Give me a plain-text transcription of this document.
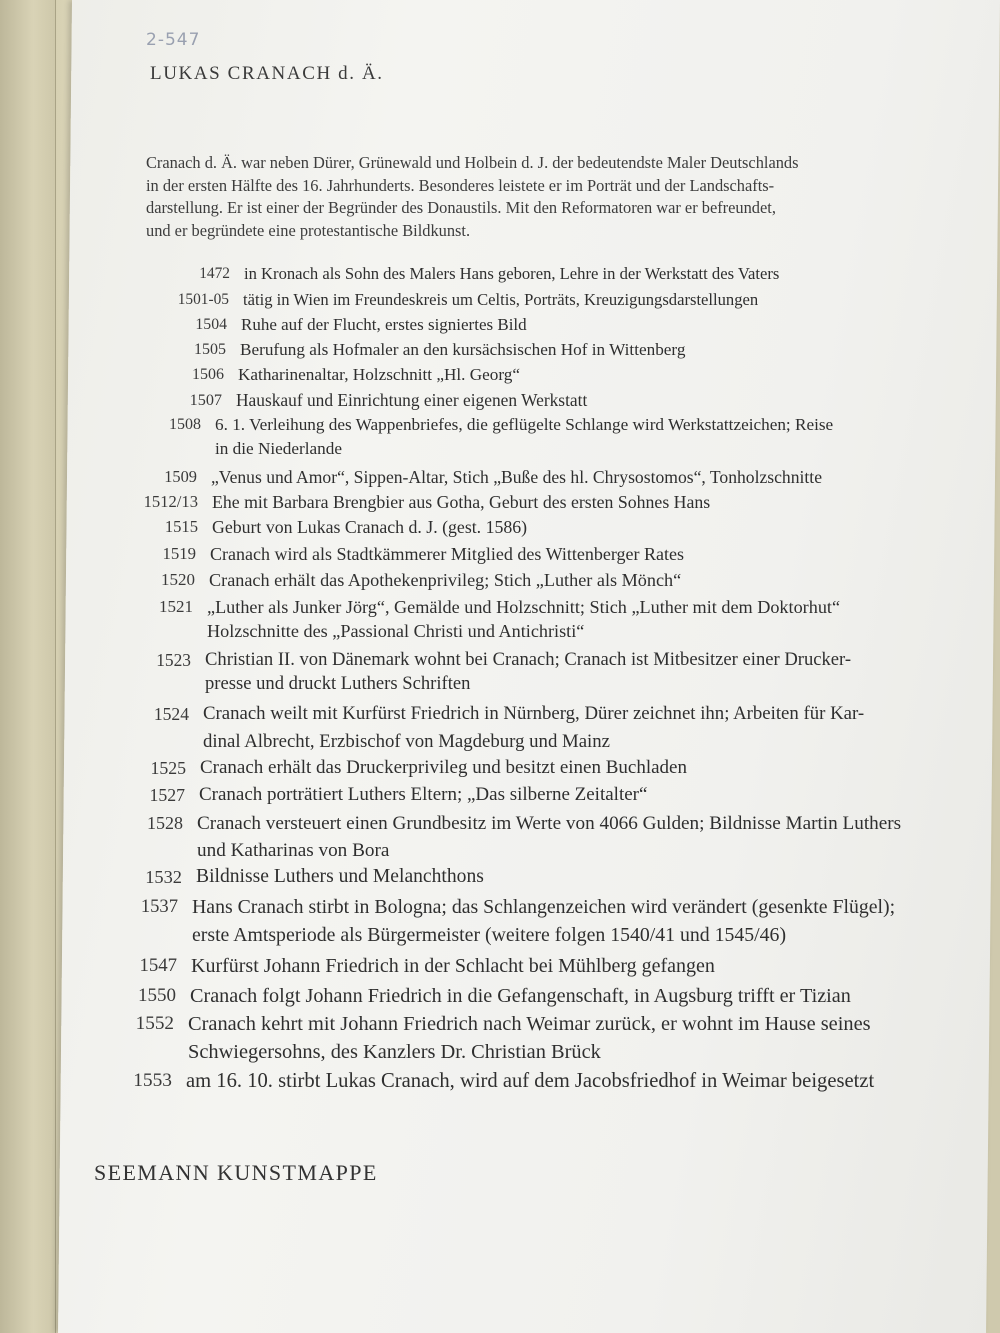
2-547
LUKAS CRANACH d. Ä.
Cranach d. Ä. war neben Dürer, Grünewald und Holbein d. J. der bedeutendste Maler Deutschlands
in der ersten Hälfte des 16. Jahrhunderts. Besonderes leistete er im Porträt und der Landschafts-
darstellung. Er ist einer der Begründer des Donaustils. Mit den Reformatoren war er befreundet,
und er begründete eine protestantische Bildkunst.
1472 in Kronach als Sohn des Malers Hans geboren, Lehre in der Werkstatt des Vaters
1501-05 tätig in Wien im Freundeskreis um Celtis, Porträts, Kreuzigungsdarstellungen
1504 Ruhe auf der Flucht, erstes signiertes Bild
1505 Berufung als Hofmaler an den kursächsischen Hof in Wittenberg
1506 Katharinenaltar, Holzschnitt „Hl. Georg“
1507 Hauskauf und Einrichtung einer eigenen Werkstatt
1508 6. 1. Verleihung des Wappenbriefes, die geflügelte Schlange wird Werkstattzeichen; Reise
in die Niederlande
1509 „Venus und Amor“, Sippen-Altar, Stich „Buße des hl. Chrysostomos“, Tonholzschnitte
1512/13 Ehe mit Barbara Brengbier aus Gotha, Geburt des ersten Sohnes Hans
1515 Geburt von Lukas Cranach d. J. (gest. 1586)
1519 Cranach wird als Stadtkämmerer Mitglied des Wittenberger Rates
1520 Cranach erhält das Apothekenprivileg; Stich „Luther als Mönch“
1521 „Luther als Junker Jörg“, Gemälde und Holzschnitt; Stich „Luther mit dem Doktorhut“
Holzschnitte des „Passional Christi und Antichristi“
1523 Christian II. von Dänemark wohnt bei Cranach; Cranach ist Mitbesitzer einer Drucker-
presse und druckt Luthers Schriften
1524 Cranach weilt mit Kurfürst Friedrich in Nürnberg, Dürer zeichnet ihn; Arbeiten für Kar-
dinal Albrecht, Erzbischof von Magdeburg und Mainz
1525 Cranach erhält das Druckerprivileg und besitzt einen Buchladen
1527 Cranach porträtiert Luthers Eltern; „Das silberne Zeitalter“
1528 Cranach versteuert einen Grundbesitz im Werte von 4066 Gulden; Bildnisse Martin Luthers
und Katharinas von Bora
1532 Bildnisse Luthers und Melanchthons
1537 Hans Cranach stirbt in Bologna; das Schlangenzeichen wird verändert (gesenkte Flügel);
erste Amtsperiode als Bürgermeister (weitere folgen 1540/41 und 1545/46)
1547 Kurfürst Johann Friedrich in der Schlacht bei Mühlberg gefangen
1550 Cranach folgt Johann Friedrich in die Gefangenschaft, in Augsburg trifft er Tizian
1552 Cranach kehrt mit Johann Friedrich nach Weimar zurück, er wohnt im Hause seines
Schwiegersohns, des Kanzlers Dr. Christian Brück
1553 am 16. 10. stirbt Lukas Cranach, wird auf dem Jacobsfriedhof in Weimar beigesetzt
SEEMANN KUNSTMAPPE
